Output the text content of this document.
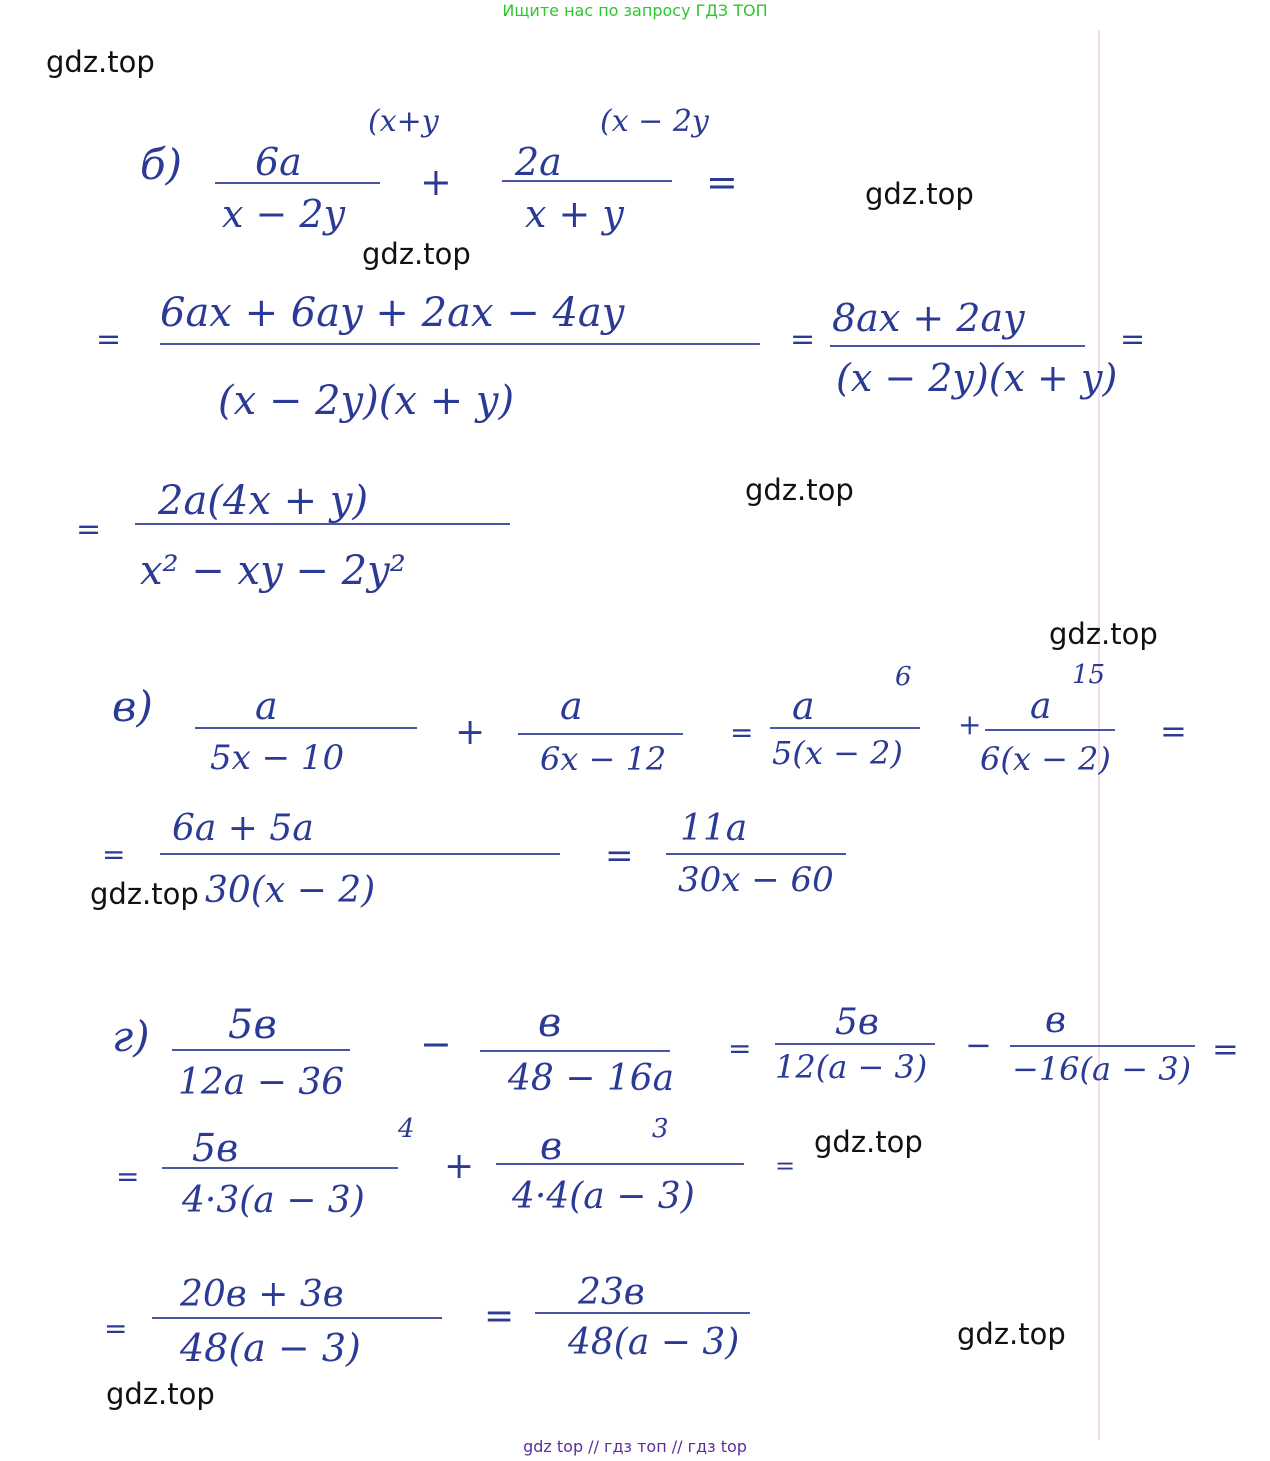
Ищите нас по запросу ГДЗ ТОП
gdz.top
gdz.top
gdz.top
gdz.top
gdz.top
gdz.top
gdz.top
gdz.top
gdz.top
б) 6a
(x+y
x − 2y
+ 2a
(x − 2y
x + y
=
=
6ax + 6ay + 2ax − 4ay
(x − 2y)(x + y)
= 8ax + 2ay
(x − 2y)(x + y)
=
=
2a(4x + y)
x² − xy − 2y²
в)	a
5x − 10
+
a
6x − 12
=
6
a
5(x − 2)
+
15
a
6(x − 2)
=
=
6a + 5a
30(x − 2)
=
11a
30x − 60
г) 5в
12a − 36
− в
48 − 16a
=
5в
12(a − 3)
−
в
−16(a − 3)
=
=
5в	4
4·3(a − 3)
+ в	3
4·4(a − 3)
=
=
20в + 3в
48(a − 3)
=
23в
48(a − 3)
gdz top // гдз топ // гдз top
